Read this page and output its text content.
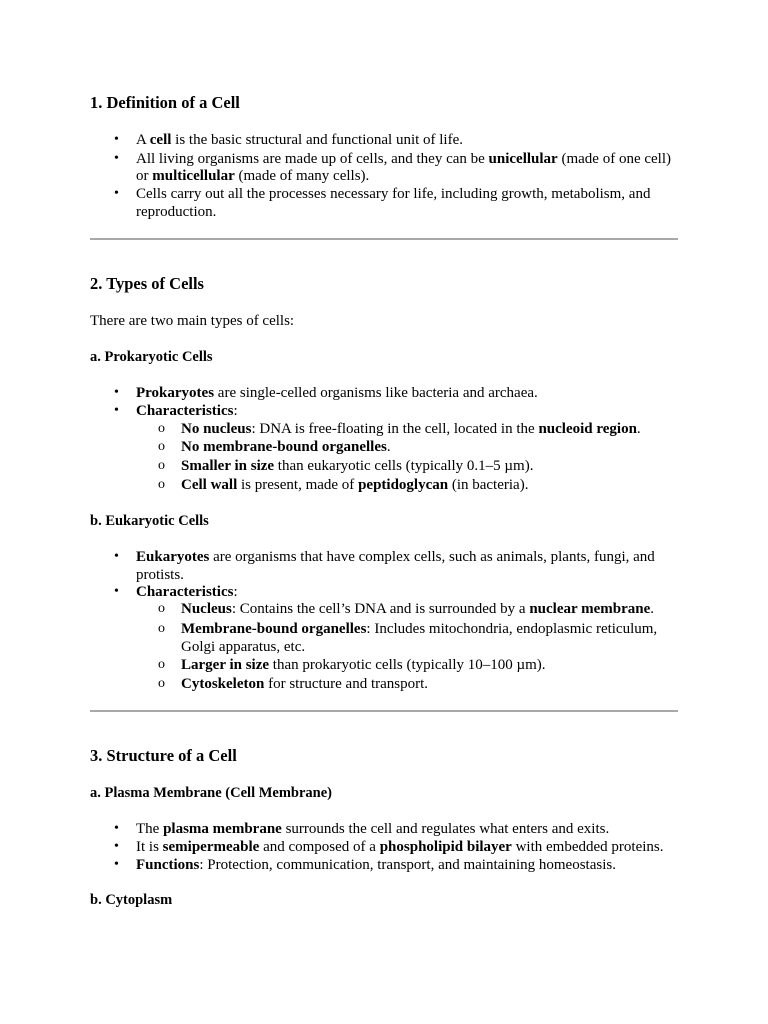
1. Definition of a Cell
• A cell is the basic structural and functional unit of life.
• All living organisms are made up of cells, and they can be unicellular (made of one cell)
or multicellular (made of many cells).
• Cells carry out all the processes necessary for life, including growth, metabolism, and
reproduction.
2. Types of Cells

There are two main types of cells:

a. Prokaryotic Cells
• Prokaryotes are single-celled organisms like bacteria and archaea.
• Characteristics:
o No nucleus: DNA is free-floating in the cell, located in the nucleoid region.
o No membrane-bound organelles.
o Smaller in size than eukaryotic cells (typically 0.1–5 µm).
o Cell wall is present, made of peptidoglycan (in bacteria).
b. Eukaryotic Cells
• Eukaryotes are organisms that have complex cells, such as animals, plants, fungi, and
protists.
• Characteristics:
o Nucleus: Contains the cell’s DNA and is surrounded by a nuclear membrane.
o Membrane-bound organelles: Includes mitochondria, endoplasmic reticulum,
Golgi apparatus, etc.
o Larger in size than prokaryotic cells (typically 10–100 µm).
o Cytoskeleton for structure and transport.
3. Structure of a Cell
a. Plasma Membrane (Cell Membrane)
• The plasma membrane surrounds the cell and regulates what enters and exits.
• It is semipermeable and composed of a phospholipid bilayer with embedded proteins.
• Functions: Protection, communication, transport, and maintaining homeostasis.
b. Cytoplasm
